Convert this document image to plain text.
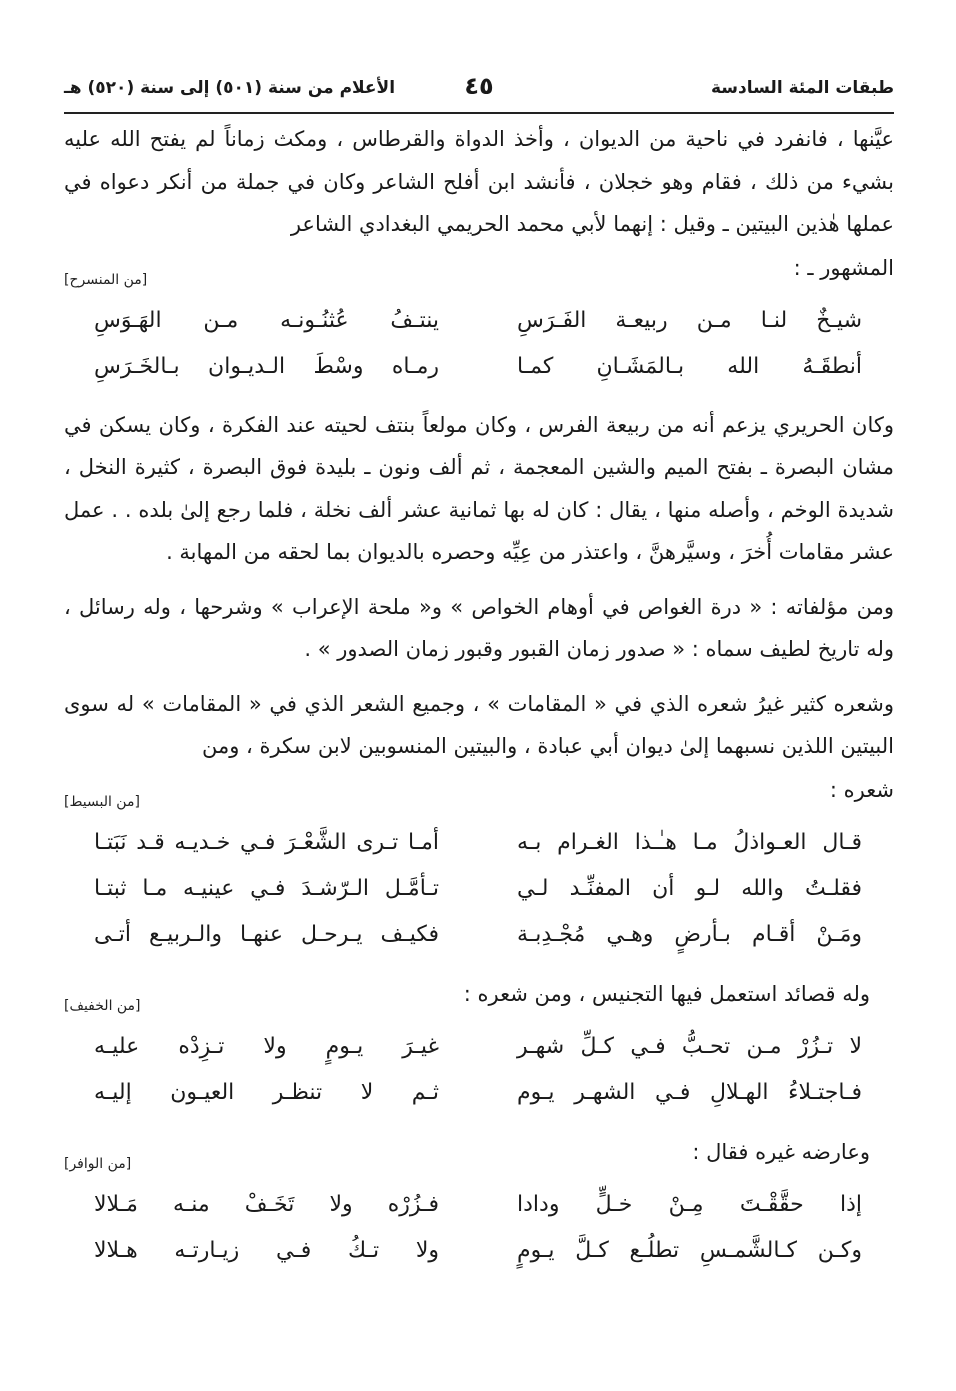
طبقات المئة السادسة
٤٥
الأعلام من سنة (٥٠١) إلى سنة (٥٢٠) هـ

عيَّنها ، فانفرد في ناحية من الديوان ، وأخذ الدواة والقرطاس ، ومكث زماناً لم يفتح الله عليه بشيء من ذلك ، فقام وهو خجلان ، فأنشد ابن أفلح الشاعر وكان في جملة من أنكر دعواه في عملها هٰذين البيتين ـ وقيل : إنهما لأبي محمد الحريمي البغدادي الشاعر

المشهور ـ :
[من المنسرح]
شيـخٌ لنـا مـن ربيعـة الفَـرَسِ
ينتـفُ عُثنُـونـه مـن الهَـوَسِ
أنطقَـهُ الله بـالمَشَـانِ كمـا
رمـاه وسْطَ الـديـوان بـالخَـرَسِ

وكان الحريري يزعم أنه من ربيعة الفرس ، وكان مولعاً بنتف لحيته عند الفكرة ، وكان يسكن في مشان البصرة ـ بفتح الميم والشين المعجمة ، ثم ألف ونون ـ بليدة فوق البصرة ، كثيرة النخل ، شديدة الوخم ، وأصله منها ، يقال : كان له بها ثمانية عشر ألف نخلة ، فلما رجع إلىٰ بلده . . عمل عشر مقامات أُخرَ ، وسيَّرهنَّ ، واعتذر من عِيِّه وحصره بالديوان بما لحقه من المهابة .

ومن مؤلفاته : « درة الغواص في أوهام الخواص » و« ملحة الإعراب » وشرحها ، وله رسائل ، وله تاريخ لطيف سماه : « صدور زمان القبور وقبور زمان الصدور » .

وشعره كثير غيرُ شعره الذي في « المقامات » ، وجميع الشعر الذي في « المقامات » له سوى البيتين اللذين نسبهما إلىٰ ديوان أبي عبادة ، والبيتين المنسوبين لابن سكرة ، ومن

شعره :
[من البسيط]
قـال العـواذلُ مـا هـٰـذا الغـرام بـه
أمـا تـرى الشَّعْـرَ فـي خـديـه قـد نَبَتـا
فقلـتُ والله لـو أن المفنِّـد لـي
تـأمَّـل الـرّشـدَ فـي عينيـه مـا ثبتـا
ومَـنْ أقـام بـأرضٍ وهـي مُجْـدِبـة
فكيـف يـرحـل عنهـا والـربيـع أتـى
وله قصائد استعمل فيها التجنيس ، ومن شعره :
[من الخفيف]
لا تـزُرْ مـن تحـبُّ فـي كـلِّ شهـر
غيـرَ يـومٍ ولا تـزِدْه عليـه
فـاجتـلاءُ الهـلالِ فـي الشهـر يـوم
ثـم لا تنظـر العيـون إليـه
وعارضه غيره فقال :
[من الوافر]
إذا حقَّقْـتَ مِـنْ خـلٍّ ودادا
فـزُرْه ولا تَخَـفْ منـه مَـلالا
وكـن كـالشَّمـسِ تطلُـع كـلَّ يـومٍ
ولا تـكُ فـي زيـارتـه هـلالا
